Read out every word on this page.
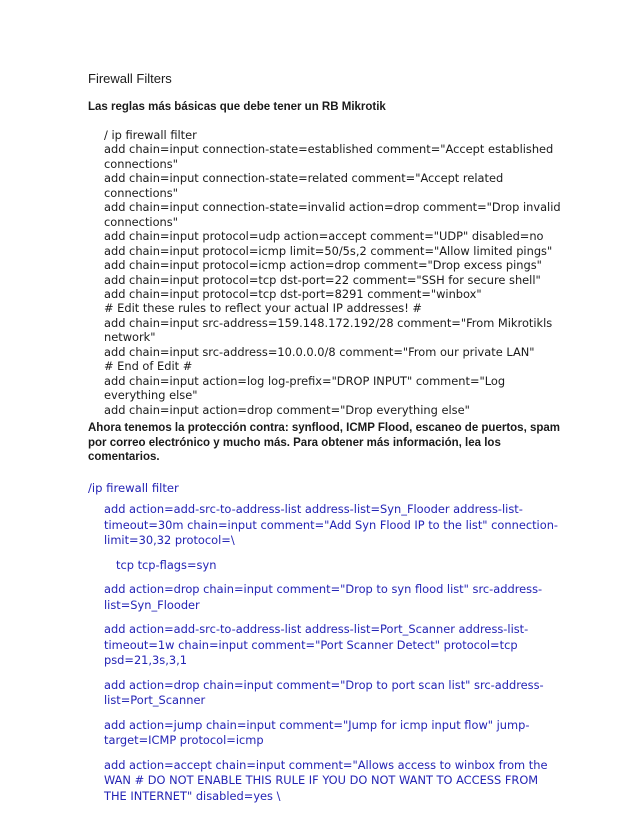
Firewall Filters
Las reglas más básicas que debe tener un RB Mikrotik
/ ip firewall filter
add chain=input connection-state=established comment="Accept established
connections"
add chain=input connection-state=related comment="Accept related
connections"
add chain=input connection-state=invalid action=drop comment="Drop invalid
connections"
add chain=input protocol=udp action=accept comment="UDP" disabled=no
add chain=input protocol=icmp limit=50/5s,2 comment="Allow limited pings"
add chain=input protocol=icmp action=drop comment="Drop excess pings"
add chain=input protocol=tcp dst-port=22 comment="SSH for secure shell"
add chain=input protocol=tcp dst-port=8291 comment="winbox"
# Edit these rules to reflect your actual IP addresses! #
add chain=input src-address=159.148.172.192/28 comment="From Mikrotikls
network"
add chain=input src-address=10.0.0.0/8 comment="From our private LAN"
# End of Edit #
add chain=input action=log log-prefix="DROP INPUT" comment="Log
everything else"
add chain=input action=drop comment="Drop everything else"
Ahora tenemos la protección contra: synflood, ICMP Flood, escaneo de puertos, spam
por correo electrónico y mucho más. Para obtener más información, lea los
comentarios.
/ip firewall filter
add action=add-src-to-address-list address-list=Syn_Flooder address-list-
timeout=30m chain=input comment="Add Syn Flood IP to the list" connection-
limit=30,32 protocol=\
tcp tcp-flags=syn
add action=drop chain=input comment="Drop to syn flood list" src-address-
list=Syn_Flooder
add action=add-src-to-address-list address-list=Port_Scanner address-list-
timeout=1w chain=input comment="Port Scanner Detect" protocol=tcp
psd=21,3s,3,1
add action=drop chain=input comment="Drop to port scan list" src-address-
list=Port_Scanner
add action=jump chain=input comment="Jump for icmp input flow" jump-
target=ICMP protocol=icmp
add action=accept chain=input comment="Allows access to winbox from the
WAN # DO NOT ENABLE THIS RULE IF YOU DO NOT WANT TO ACCESS FROM
THE INTERNET" disabled=yes \
